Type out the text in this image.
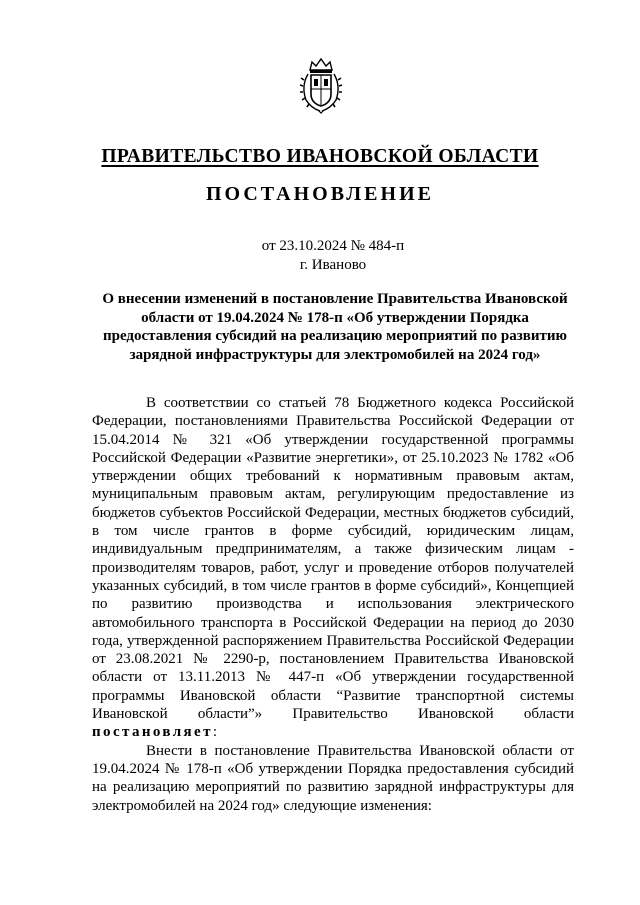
ПРАВИТЕЛЬСТВО ИВАНОВСКОЙ ОБЛАСТИ
ПОСТАНОВЛЕНИЕ
от 23.10.2024 № 484-п
г. Иваново
О внесении изменений в постановление Правительства Ивановской области от 19.04.2024 № 178-п «Об утверждении Порядка предоставления субсидий на реализацию мероприятий по развитию зарядной инфраструктуры для электромобилей на 2024 год»

В соответствии со статьей 78 Бюджетного кодекса Российской Федерации, постановлениями Правительства Российской Федерации от 15.04.2014 № 321 «Об утверждении государственной программы Российской Федерации «Развитие энергетики», от 25.10.2023 № 1782 «Об утверждении общих требований к нормативным правовым актам, муниципальным правовым актам, регулирующим предоставление из бюджетов субъектов Российской Федерации, местных бюджетов субсидий, в том числе грантов в форме субсидий, юридическим лицам, индивидуальным предпринимателям, а также физическим лицам - производителям товаров, работ, услуг и проведение отборов получателей указанных субсидий, в том числе грантов в форме субсидий», Концепцией по развитию производства и использования электрического автомобильного транспорта в Российской Федерации на период до 2030 года, утвержденной распоряжением Правительства Российской Федерации от 23.08.2021 № 2290-р, постановлением Правительства Ивановской области от 13.11.2013 № 447-п «Об утверждении государственной программы Ивановской области “Развитие транспортной системы Ивановской области”» Правительство Ивановской области постановляет:

Внести в постановление Правительства Ивановской области от 19.04.2024 № 178-п «Об утверждении Порядка предоставления субсидий на реализацию мероприятий по развитию зарядной инфраструктуры для электромобилей на 2024 год» следующие изменения:
